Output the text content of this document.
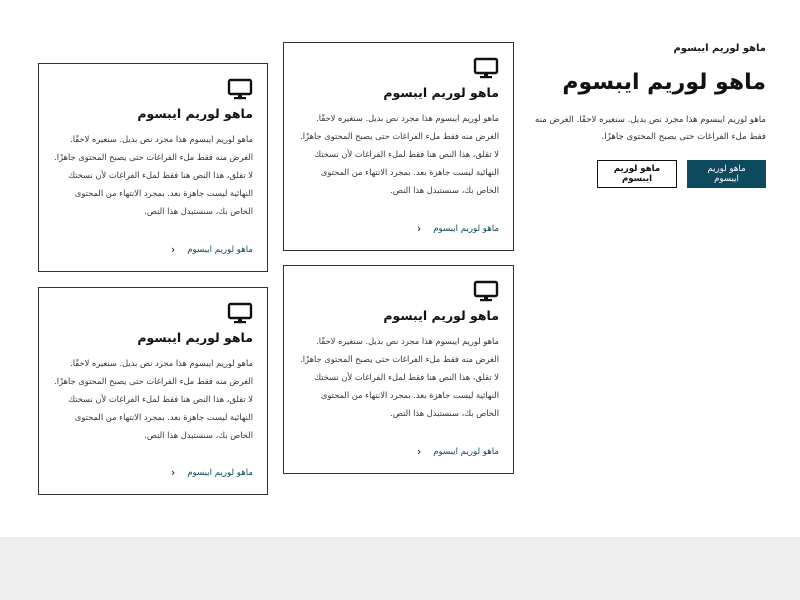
ماهو لوريم ايبسوم
ماهو لوريم ايبسوم

ماهو لوريم ايبسوم هذا مجرد نص بديل. سنغيره لاحقًا. الغرض منه فقط ملء الفراغات حتى يصبح المحتوى جاهزًا.

ماهو لوريم ايبسوم
ماهو لوريم ايبسوم
ماهو لوريم ايبسوم

ماهو لوريم ايبسوم هذا مجرد نص بديل. سنغيره لاحقًا. الغرض منه فقط ملء الفراغات حتى يصبح المحتوى جاهزًا. لا تقلق، هذا النص هنا فقط لملء الفراغات لأن نسختك النهائية ليست جاهزة بعد. بمجرد الانتهاء من المحتوى الخاص بك، سنستبدل هذا النص.

ماهو لوريم ايبسوم
‹
ماهو لوريم ايبسوم

ماهو لوريم ايبسوم هذا مجرد نص بديل. سنغيره لاحقًا. الغرض منه فقط ملء الفراغات حتى يصبح المحتوى جاهزًا. لا تقلق، هذا النص هنا فقط لملء الفراغات لأن نسختك النهائية ليست جاهزة بعد. بمجرد الانتهاء من المحتوى الخاص بك، سنستبدل هذا النص.

ماهو لوريم ايبسوم
‹
ماهو لوريم ايبسوم

ماهو لوريم ايبسوم هذا مجرد نص بديل. سنغيره لاحقًا. الغرض منه فقط ملء الفراغات حتى يصبح المحتوى جاهزًا. لا تقلق، هذا النص هنا فقط لملء الفراغات لأن نسختك النهائية ليست جاهزة بعد. بمجرد الانتهاء من المحتوى الخاص بك، سنستبدل هذا النص.

ماهو لوريم ايبسوم
‹
ماهو لوريم ايبسوم

ماهو لوريم ايبسوم هذا مجرد نص بديل. سنغيره لاحقًا. الغرض منه فقط ملء الفراغات حتى يصبح المحتوى جاهزًا. لا تقلق، هذا النص هنا فقط لملء الفراغات لأن نسختك النهائية ليست جاهزة بعد. بمجرد الانتهاء من المحتوى الخاص بك، سنستبدل هذا النص.

ماهو لوريم ايبسوم
‹
